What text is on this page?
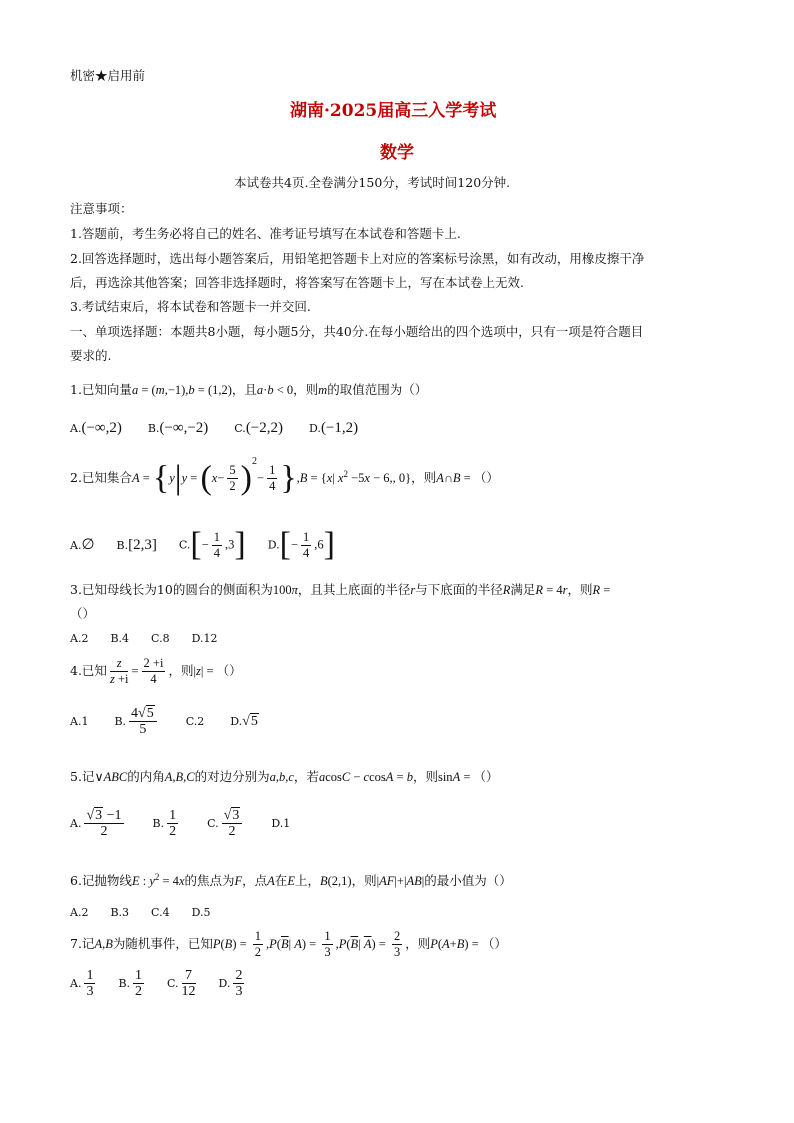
机密★启用前
湖南·2025届高三入学考试
数学
本试卷共4页.全卷满分150分，考试时间120分钟.
注意事项：
1.答题前，考生务必将自己的姓名、准考证号填写在本试卷和答题卡上.
2.回答选择题时，选出每小题答案后，用铅笔把答题卡上对应的答案标号涂黑，如有改动，用橡皮擦干净
后，再选涂其他答案；回答非选择题时，将答案写在答题卡上，写在本试卷上无效.
3.考试结束后，将本试卷和答题卡一并交回.
一、单项选择题：本题共8小题，每小题5分，共40分.在每小题给出的四个选项中，只有一项是符合题目
要求的.
1.已知向量a = (m,−1),b = (1,2)，且a·b < 0，则m的取值范围为（）
A.(−∞,2) B.(−∞,−2) C.(−2,2) D.(−1,2)
2.已知集合$A = \{y|y = (x- \frac{5}{2} )^2- \frac{1}{4} \},B = \{x|$ $x^2 -5x - 6$,, 0}，则A∩B = （）
A.∅ B.[2,3] $C.[- \frac{1}{4} ,3]$ $D.[- \frac{1}{4} ,6]$
3.已知母线长为10的圆台的侧面积为100π，且其上底面的半径r与下底面的半径R满足R = 4r，则R =
（）
A.2 B.4 C.8 D.12
4.已知 $\frac{z}{z +i} = \frac{2 +i}{4}$ ，则|z| = （）
A.1 B. $\frac{4√5}{5}$	C.2 D.√5
5.记∨ABC的内角A,B,C的对边分别为a,b,c，若acosC − ccosA = b，则sinA = （）
A. $\frac{√3 -1}{2}$	B. $\frac{1}{2}$	C. $\frac{√3}{2}$	D.1
6.记抛物线E : $y^2 = 4x$的焦点为F，点A在E上，B(2,1)，则|AF|+|AB|的最小值为（）
A.2 B.3 C.4 D.5
7.记A,B为随机事件，已知$P(B) = \frac{1}{2} ,P(\overline{B}|$ $A) = \frac{1}{3} ,P(\overline{B}|$ $\overline{A}) = \frac{2}{3}$ ，则P(A+B) = （）
A. $\frac{1}{3} B$. $\frac{1}{2} C$. $\frac{7}{12} D$. $\frac{2}{3}$
